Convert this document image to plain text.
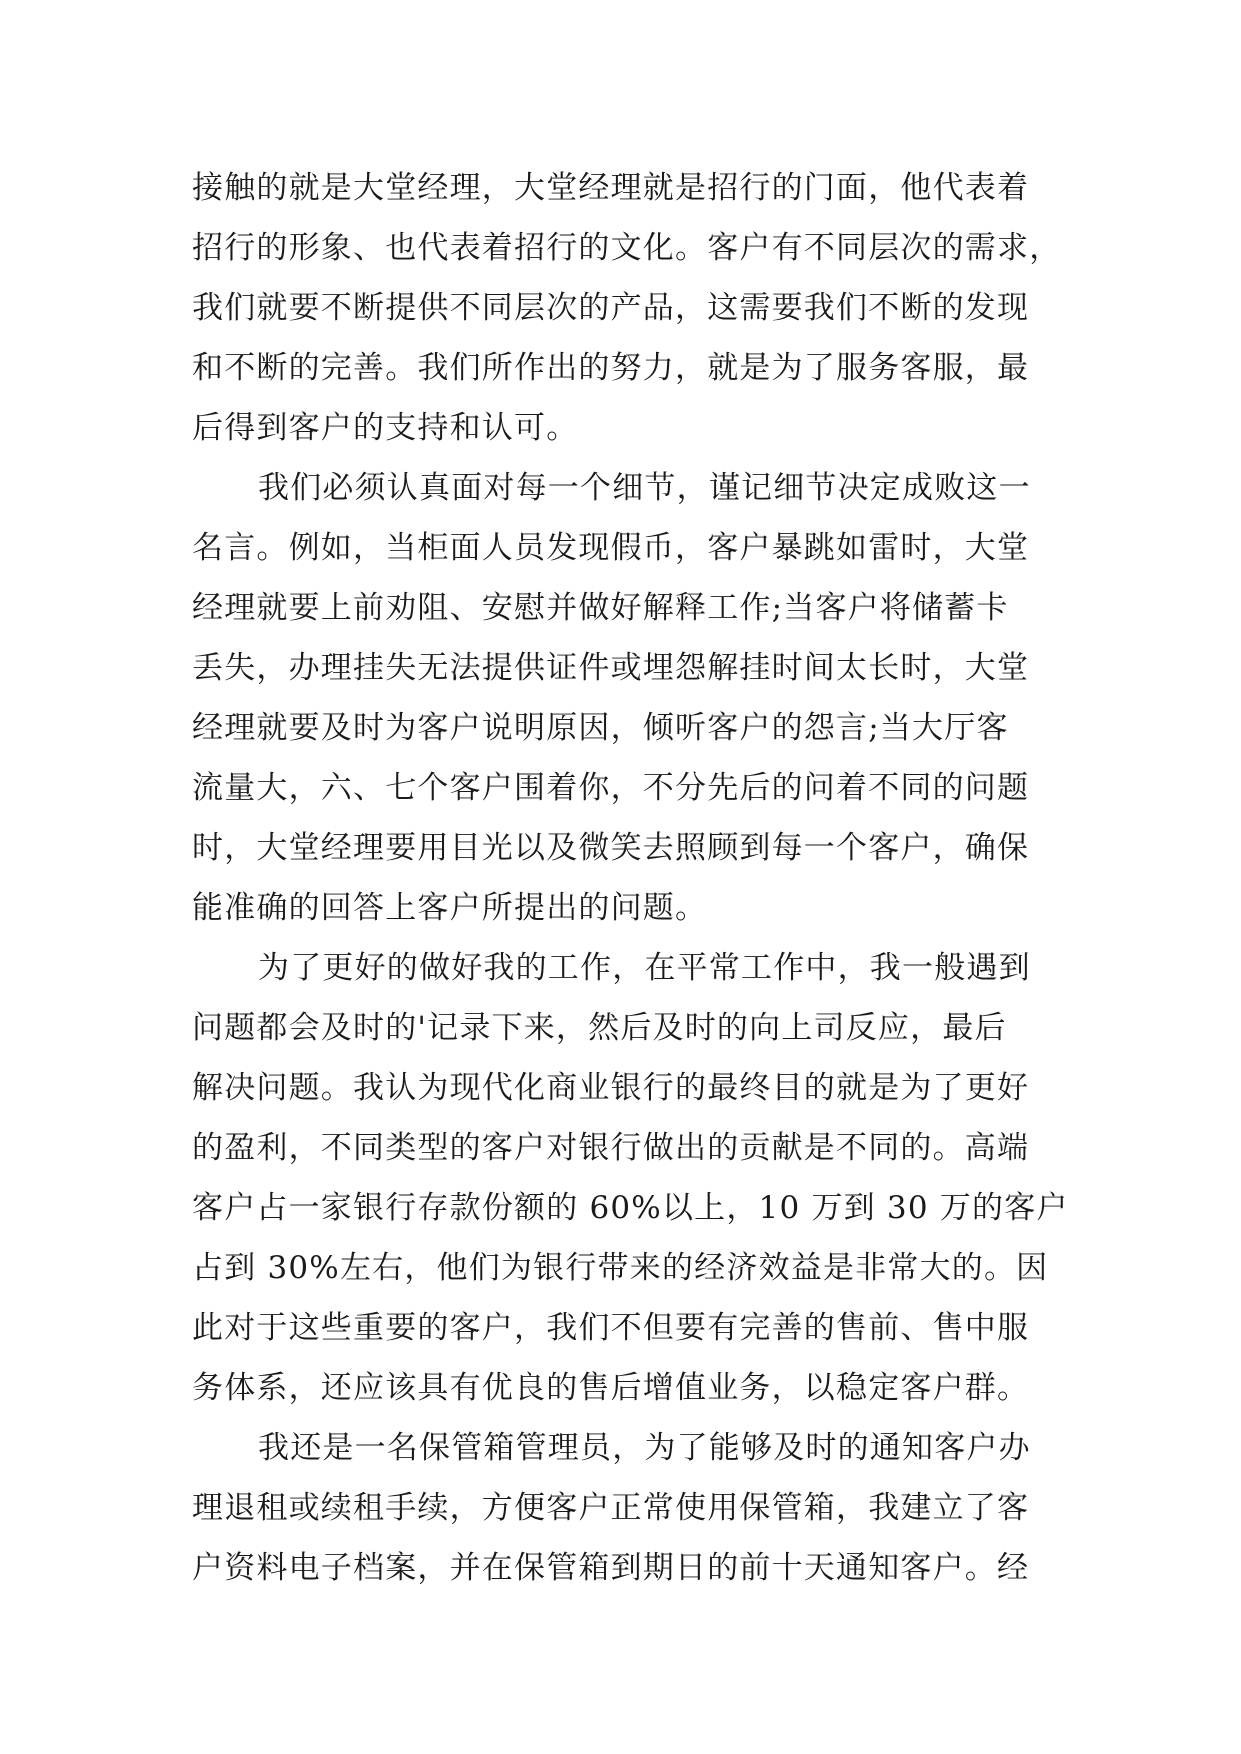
接触的就是大堂经理，大堂经理就是招行的门面，他代表着
招行的形象、也代表着招行的文化。客户有不同层次的需求，
我们就要不断提供不同层次的产品，这需要我们不断的发现
和不断的完善。我们所作出的努力，就是为了服务客服，最
后得到客户的支持和认可。
我们必须认真面对每一个细节，谨记细节决定成败这一
名言。例如，当柜面人员发现假币，客户暴跳如雷时，大堂
经理就要上前劝阻、安慰并做好解释工作;当客户将储蓄卡
丢失，办理挂失无法提供证件或埋怨解挂时间太长时，大堂
经理就要及时为客户说明原因，倾听客户的怨言;当大厅客
流量大，六、七个客户围着你，不分先后的问着不同的问题
时，大堂经理要用目光以及微笑去照顾到每一个客户，确保
能准确的回答上客户所提出的问题。
为了更好的做好我的工作，在平常工作中，我一般遇到
问题都会及时的'记录下来，然后及时的向上司反应，最后
解决问题。我认为现代化商业银行的最终目的就是为了更好
的盈利，不同类型的客户对银行做出的贡献是不同的。高端
客户占一家银行存款份额的 60%以上，10 万到 30 万的客户
占到 30%左右，他们为银行带来的经济效益是非常大的。因
此对于这些重要的客户，我们不但要有完善的售前、售中服
务体系，还应该具有优良的售后增值业务，以稳定客户群。
我还是一名保管箱管理员，为了能够及时的通知客户办
理退租或续租手续，方便客户正常使用保管箱，我建立了客
户资料电子档案，并在保管箱到期日的前十天通知客户。经
